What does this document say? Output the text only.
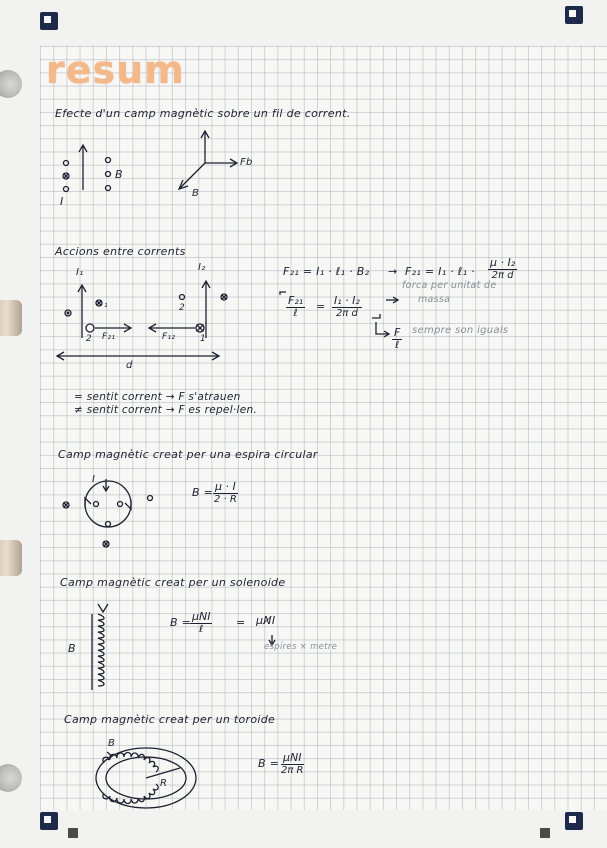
resum
Efecte d'un camp magnètic sobre un fil de corrent.
I
B
Fb
B
Accions entre corrents
I₁	I₂
₁	2
2	1
F₂₁	F₁₂
d
F₂₁ = I₁ · ℓ₁ · B₂ → F₂₁ = I₁ · ℓ₁ · $\frac{\text{μ · I₂}}{\text{2π d}}$
F₂₁
ℓ
= $\frac{\text{I₁ · I₂}}{\text{2π d}}$
forca per unitat de
massa
F
ℓ
sempre son iguals
= sentit corrent → F s'atrauen
≠ sentit corrent → F es repel·len.
Camp magnètic creat per una espira circular
I
$B = \frac{\mu \cdot I}{2 \cdot R}$
Camp magnètic creat per un solenoide
B
B = μNI
ℓ
= μN̸I
espires × metre
Camp magnètic creat per un toroide
B
R
B = μNI
2π R
